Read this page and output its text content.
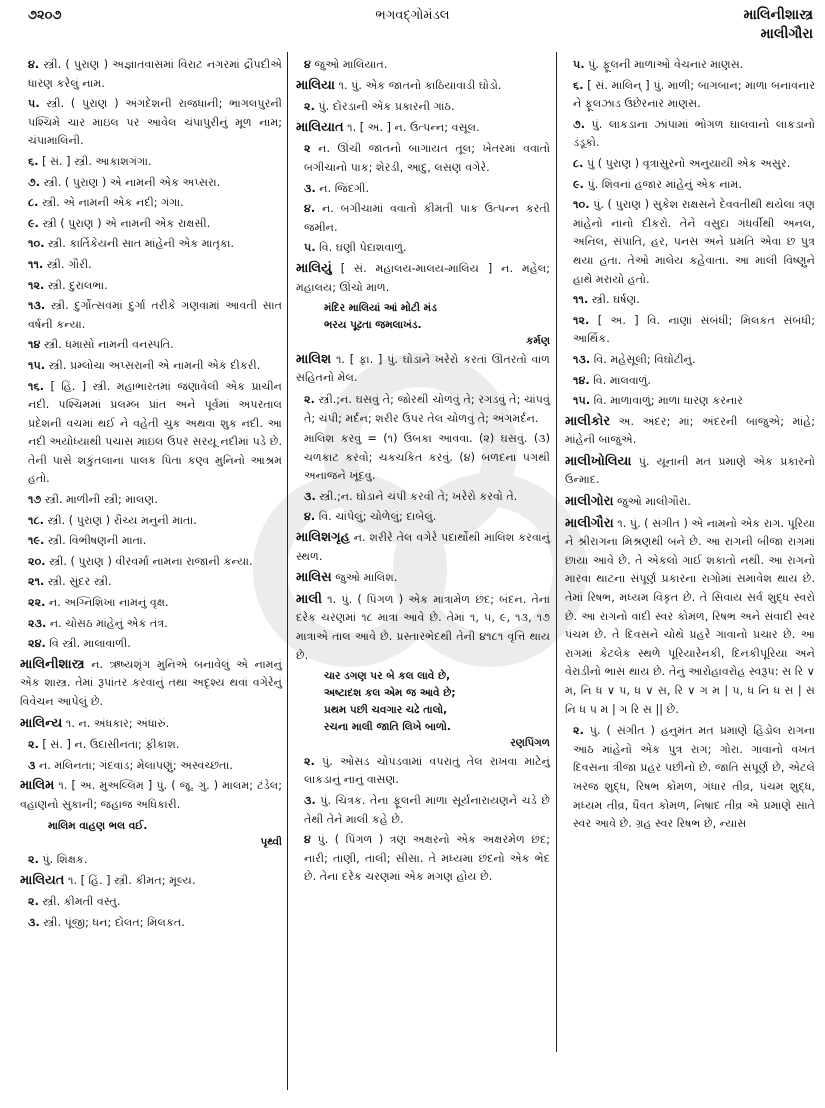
૭૨૦૭	ભગવદ્ગોમંડલ	માલિનીશાસ્ત્ર
માલીગૌરા
૪. સ્ત્રી. ( પુરાણ ) અજ્ઞાતવાસમાં વિરાટ નગરમાં દ્રૌપદીએ ધારણ કરેલું નામ.
૫. સ્ત્રી. ( પુરાણ ) અંગદેશની રાજધાની; ભાગલપુરની પશ્ચિમે ચાર માઇલ પર આવેલ ચંપાપુરીનું મૂળ નામ; ચંપામાલિની.
૬. [ સં. ] સ્ત્રી. આકાશગંગા.
૭. સ્ત્રી. ( પુરાણ ) એ નામની એક અપ્સરા.
૮. સ્ત્રી. એ નામની એક નદી; ગંગા.
૯. સ્ત્રી ( પુરાણ ) એ નામની એક રાક્ષસી.
૧૦. સ્ત્રી. કાર્તિકેયની સાત માંહેની એક માતૃકા.
૧૧. સ્ત્રી. ગૌરી.
૧૨. સ્ત્રી. દુરાલભા.
૧૩. સ્ત્રી. દુર્ગોત્સવમાં દુર્ગા તરીકે ગણવામાં આવતી સાત વર્ષની કન્યા.
૧૪ સ્ત્રી. ધમાસો નામની વનસ્પતિ.
૧૫. સ્ત્રી. પ્રમ્લોચા અપ્સરાની એ નામની એક દીકરી.
૧૬. [ હિં. ] સ્ત્રી. મહાભારતમાં જણાવેલી એક પ્રાચીન નદી. પશ્ચિમમાં પ્રલમ્બ પ્રાંત અને પૂર્વમાં અપરતાલ પ્રદેશની વચમાં થઈ ને વહેતી ચુક અથવા શુક નદી. આ નદી અયોધ્યાથી પચાસ માઇલ ઉપર સરયૂ નદીમાં પડે છે. તેની પાસે શકુંતલાના પાલક પિતા કણ્વ મુનિનો આશ્રમ હતો.
૧૭ સ્ત્રી. માળીની સ્ત્રી; માલણ.
૧૮. સ્ત્રી. ( પુરાણ ) રૌચ્ય મનુની માતા.
૧૯. સ્ત્રી. વિભીષણની માતા.
૨૦. સ્ત્રી. ( પુરાણ ) વીરવર્મા નામના રાજાની કન્યા.
૨૧. સ્ત્રી. સુંદર સ્ત્રી.
૨૨. ન. અગ્નિશિખા નામનું વૃક્ષ.
૨૩. ન. ચોસઠ માંહેનું એક તંત્ર.
૨૪. વિ સ્ત્રી. માલાવાળી.
માલિનીશાસ્ત્ર ન. ઋષ્યશૃંગ મુનિએ બનાવેલું એ નામનું એક શાસ્ત્ર. તેમાં રૂપાંતર કરવાનું તથા અદૃશ્ય થવાં વગેરેનું વિવેચન આપેલું છે.
માલિન્ય ૧. ન. અંધકાર; અંધારું.
૨. [ સં. ] ન. ઉદાસીનતા; ફીકાશ.
૩ ન. મલિનતા; ગંદવાડ; મેલાપણું; અસ્વચ્છતા.
માલિમ ૧. [ અ. મુઅલ્લિમ ] પું. ( જૂ. ગુ. ) માલમ; ટંડેલ; વહાણનો સુકાની; જહાજ અધિકારી.
માલિમ વાહણ ભલ વઈ.
પૃથ્વી
૨. પું. શિક્ષક.
માલિયત ૧. [ હિં. ] સ્ત્રી. કીમત; મૂલ્ય.
૨. સ્ત્રી. કીમતી વસ્તુ.
૩. સ્ત્રી. પૂંજી; ધન; દોલત; મિલકત.
૪ જુઓ માલિયાત.
માલિયા ૧. પું. એક જાતનો કાઠિયાવાડી ઘોડો.
૨. પું. દોરડાની એક પ્રકારની ગાંઠ.
માલિયાત ૧. [ અ. ] ન. ઉત્પન્ન; વસૂલ.
૨ ન. ઊંચી જાતનો બાગાયત તૂલ; ખેતરમાં વવાતો બગીચાનો પાક; શેરડી, આદુ, લસણ વગેરે.
૩. ન. જિંદગી.
૪. ન. બગીચામાં વવાતો કીમતી પાક ઉત્પન્ન કરતી જમીન.
૫. વિ. ઘણી પેદાશવાળું.
માલિયું [ સં. મહાલય-માલય-માલિય ] ન. મહેલ; મહાલય; ઊંચો માળ.
મંદિર માલિયાં આં મોટી મંડ
ભરય પૂઢતા જમલાખંડ.
કર્મણ
માલિશ ૧. [ ફા. ] પું. ઘોડાને ખરેરો કરતાં ઊતરતો વાળ સહિતનો મેલ.
૨. સ્ત્રી.;ન. ઘસવું તે; જોરથી ચોળવું તે; રગડવું તે; ચાંપવું તે; ચંપી; મર્દન; શરીર ઉપર તેલ ચોળવું તે; અંગમર્દન.
માલિશ કરવું = (૧) ઉબકા આવવા. (૨) ઘસવું. (૩) ચળકાટ કરવો; ચકચકિત કરવું. (૪) બળદના પગથી અનાજને ખૂંદવું.
૩. સ્ત્રી.;ન. ઘોડાને ચંપી કરવી તે; ખરેરો કરવો તે.
૪. વિ. ચાંપેલું; ચોળેલું; દાબેલું.
માલિશગૃહ ન. શરીરે તેલ વગેરે પદાર્થોથી માલિશ કરવાનું સ્થળ.
માલિસ જુઓ માલિશ.
માલી ૧. પું. ( પિંગળ ) એક માત્રામેળ છંદ; બંદન. તેના દરેક ચરણમાં ૧૮ માત્રા આવે છે. તેમાં ૧, ૫, ૯, ૧૩, ૧૭ માત્રાએ તાલ આવે છે. પ્રસ્તારભેદથી તેની ૪૧૮૧ વૃત્તિ થાય છે.
ચાર ડગણ પર બે કલ લાવે છે,
અષ્ટાદશ કલ એમ જ આવે છે;
પ્રથમ પછી ચવગાર ચઢે તાલો,
રચના માલી જાતિ લિખે બાળો.
રણપિંગળ
૨. પું. ઓસડ ચોપડવામાં વપરાતું તેલ રાખવા માટેનું લાકડાનું નાનું વાસણ.
૩. પું. ચિત્રક. તેના ફૂલની માળા સૂર્યનારાયણને ચડે છે તેથી તેને માલી કહે છે.
૪ પું. ( પિંગળ ) ત્રણ અક્ષરનો એક અક્ષરમેળ છંદ; નારી; તાણી, તાલી; સીસા. તે મધ્યમા છંદનો એક ભેદ છે. તેના દરેક ચરણમાં એક મગણ હોય છે.
૫. પું. ફૂલની માળાઓ વેચનાર માણસ.
૬. [ સં. માલિન્ ] પું. માળી; બાગબાન; માળા બનાવનાર ને ફૂલઝાડ ઉછેરનાર માણસ.
૭. પું. લાકડાના ઝાંપામાં ભોગળ ઘાલવાનો લાકડાનો ડંડૂકો.
૮. પું ( પુરાણ ) વૃત્રાસુરનો અનુયાયી એક અસુર.
૯. પું. શિવનાં હજાર માંહેનું એક નામ.
૧૦. પું. ( પુરાણ ) સુકેશ રાક્ષસને દેવવતીથી થયેલા ત્રણ માંહેનો નાનો દીકરો. તેને વસુદા ગંધર્વીથી અનલ, અનિલ, સંપાતિ, હર, પનસ અને પ્રમતિ એવા છ પુત્ર થયા હતા. તેઓ માલેય કહેવાતા. આ માલી વિષ્ણુને હાથે મરાયો હતો.
૧૧. સ્ત્રી. ઘર્ષણ.
૧૨. [ અ. ] વિ. નાણાં સંબંધી; મિલકત સંબંધી; આર્થિક.
૧૩. વિ. મહેસૂલી; વિઘોટીનું.
૧૪. વિ. માલવાળું.
૧૫. વિ. માળાવાળું; માળા ધારણ કરનાર
માલીકોર અ. અંદર; માં; અંદરની બાજુએ; માંહે; માંહેની બાજુએ.
માલીખોલિયા પું. યૂનાની મત પ્રમાણે એક પ્રકારનો ઉન્માદ.
માલીગોરા જુઓ માલીગૌરા.
માલીગૌરા ૧. પું. ( સંગીત ) એ નામનો એક રાગ. પૂરિયા ને શ્રીરાગના મિશ્રણથી બને છે. આ રાગની બીજા રાગમાં છાયા આવે છે. તે એકલો ગાઈ શકાતો નથી. આ રાગનો મારવા થાટના સંપૂર્ણ પ્રકારના રાગોમાં સમાવેશ થાય છે. તેમાં રિષભ, મધ્યમ વિકૃત છે. તે સિવાય સર્વ શુદ્ધ સ્વરો છે. આ રાગનો વાદી સ્વર કોમળ, રિષભ અને સંવાદી સ્વર પંચમ છે. તે દિવસને ચોથે પ્રહરે ગાવાનો પ્રચાર છે. આ રાગમાં કેટલેક સ્થળે પૂરિયારેનકી, દિનકીપૂરિયા અને વેરાડીનો ભાસ થાય છે. તેનું આરોહાવરોહ સ્વરૂપ: સ રિ ∨ મ, નિ ધ ∨ પ, ધ ∨ સ, રિ ∨ ગ મ | પ, ધ નિ ધ સ | સ નિ ધ પ મ | ગ રિ સ || છે.
૨. પું. ( સંગીત ) હનુમંત મત પ્રમાણે હિંડોલ રાગના આઠ માંહેનો એક પુત્ર રાગ; ગોરા. ગાવાનો વખત દિવસના ત્રીજા પ્રહર પછીનો છે. જાતિ સંપૂર્ણ છે, એટલે ખરજ શુદ્ધ, રિષભ કોમળ, ગંધાર તીવ્ર, પંચમ શુદ્ધ, મધ્યમ તીવ્ર, ધૈવત કોમળ, નિષાદ તીવ્ર એ પ્રમાણે સાતે સ્વર આવે છે. ગ્રહ સ્વર રિષભ છે, ન્યાસ
